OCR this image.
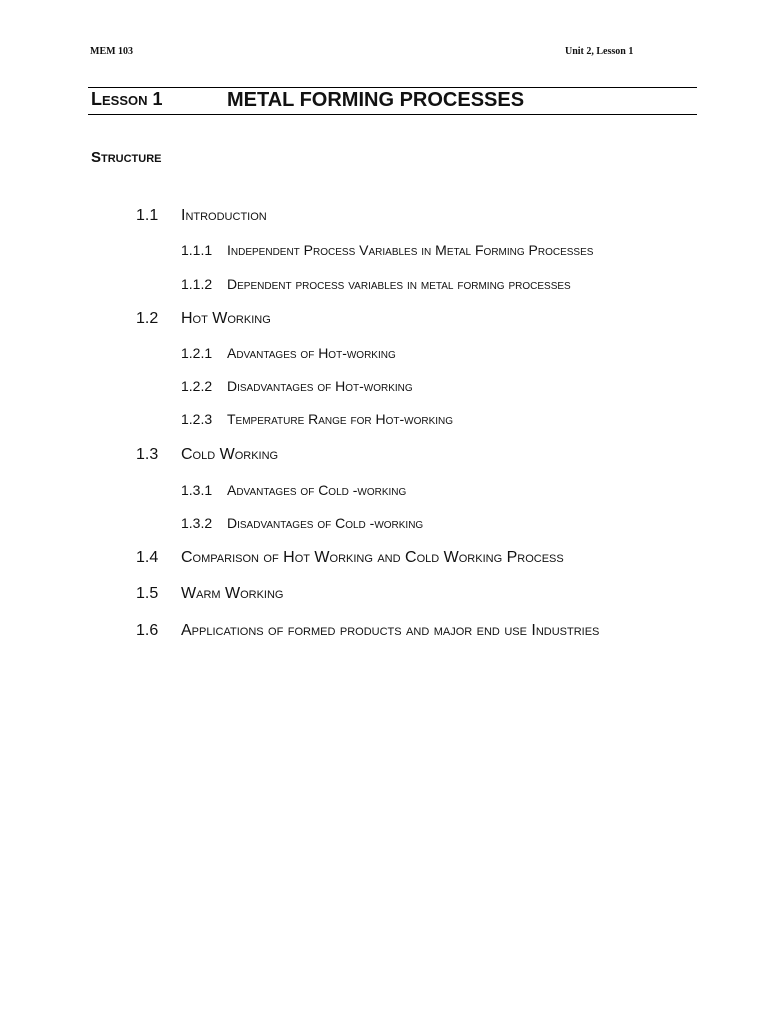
MEM 103	Unit 2, Lesson 1
Lesson 1	METAL FORMING PROCESSES
Structure
1.1 Introduction
1.1.1 Independent Process Variables in Metal Forming Processes
1.1.2 Dependent process variables in metal forming processes
1.2 Hot Working
1.2.1 Advantages of Hot-working
1.2.2 Disadvantages of Hot-working
1.2.3 Temperature Range for Hot-working
1.3 Cold Working
1.3.1 Advantages of Cold -working
1.3.2 Disadvantages of Cold -working
1.4 Comparison of Hot Working and Cold Working Process
1.5 Warm Working
1.6 Applications of formed products and major end use Industries
